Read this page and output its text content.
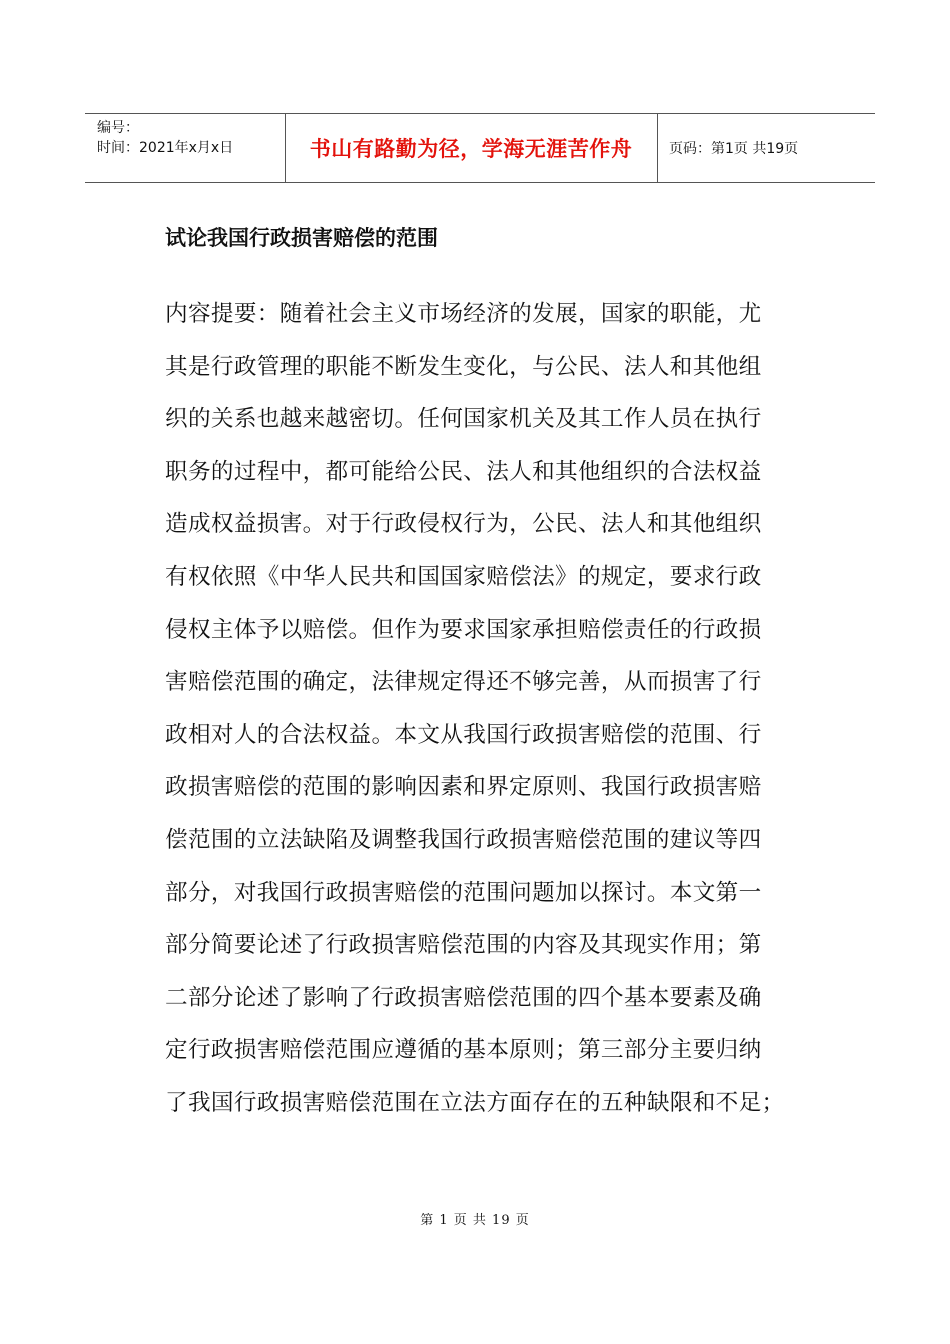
编号：
时间：2021年x月x日	书山有路勤为径，学海无涯苦作舟	页码：第1页 共19页
试论我国行政损害赔偿的范围
内容提要：随着社会主义市场经济的发展，国家的职能，尤
其是行政管理的职能不断发生变化，与公民、法人和其他组
织的关系也越来越密切。任何国家机关及其工作人员在执行
职务的过程中，都可能给公民、法人和其他组织的合法权益
造成权益损害。对于行政侵权行为，公民、法人和其他组织
有权依照《中华人民共和国国家赔偿法》的规定，要求行政
侵权主体予以赔偿。但作为要求国家承担赔偿责任的行政损
害赔偿范围的确定，法律规定得还不够完善，从而损害了行
政相对人的合法权益。本文从我国行政损害赔偿的范围、行
政损害赔偿的范围的影响因素和界定原则、我国行政损害赔
偿范围的立法缺陷及调整我国行政损害赔偿范围的建议等四
部分，对我国行政损害赔偿的范围问题加以探讨。本文第一
部分简要论述了行政损害赔偿范围的内容及其现实作用；第
二部分论述了影响了行政损害赔偿范围的四个基本要素及确
定行政损害赔偿范围应遵循的基本原则；第三部分主要归纳
了我国行政损害赔偿范围在立法方面存在的五种缺限和不足；
第 1 页 共 19 页
